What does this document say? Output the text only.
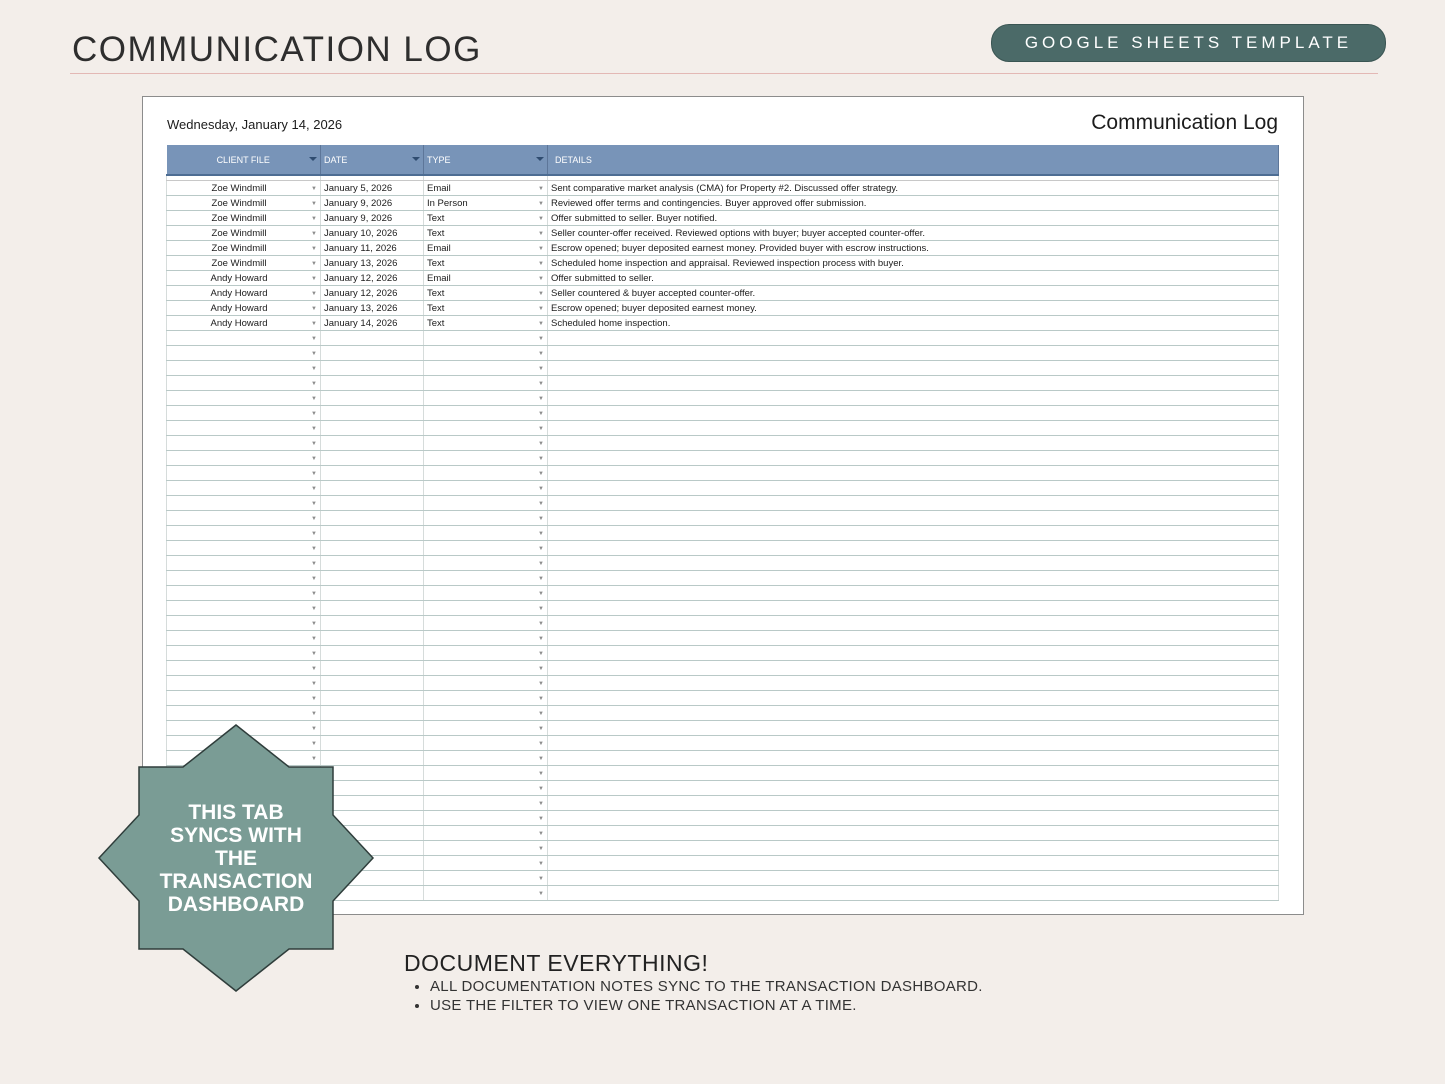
COMMUNICATION LOG	GOOGLE SHEETS TEMPLATE
Wednesday, January 14, 2026	Communication Log
CLIENT FILE	DATE	TYPE	DETAILS

Zoe Windmill ▼	January 5, 2026	Email ▼	Sent comparative market analysis (CMA) for Property #2. Discussed offer strategy.
Zoe Windmill ▼	January 9, 2026	In Person ▼	Reviewed offer terms and contingencies. Buyer approved offer submission.
Zoe Windmill ▼	January 9, 2026	Text ▼	Offer submitted to seller. Buyer notified.
Zoe Windmill ▼	January 10, 2026	Text ▼	Seller counter-offer received. Reviewed options with buyer; buyer accepted counter-offer.
Zoe Windmill ▼	January 11, 2026	Email ▼	Escrow opened; buyer deposited earnest money. Provided buyer with escrow instructions.
Zoe Windmill ▼	January 13, 2026	Text ▼	Scheduled home inspection and appraisal. Reviewed inspection process with buyer.
Andy Howard ▼	January 12, 2026	Email ▼	Offer submitted to seller.
Andy Howard ▼	January 12, 2026	Text ▼	Seller countered & buyer accepted counter-offer.
Andy Howard ▼	January 13, 2026	Text ▼	Escrow opened; buyer deposited earnest money.
Andy Howard ▼	January 14, 2026	Text ▼	Scheduled home inspection.

▼		▼	

▼		▼	

▼		▼	

▼		▼	

▼		▼	

▼		▼	

▼		▼	

▼		▼	

▼		▼	

▼		▼	

▼		▼	

▼		▼	

▼		▼	

▼		▼	

▼		▼	

▼		▼	

▼		▼	

▼		▼	

▼		▼	

▼		▼	

▼		▼	

▼		▼	

▼		▼	

▼		▼	

▼		▼	

▼		▼	

▼		▼	

▼		▼	

▼		▼	

▼	

▼	

▼	

▼	

▼	

▼	

▼	

▼	

▼	

THIS TAB
SYNCS WITH
THE
TRANSACTION
DASHBOARD

DOCUMENT EVERYTHING!
• ALL DOCUMENTATION NOTES SYNC TO THE TRANSACTION DASHBOARD.
• USE THE FILTER TO VIEW ONE TRANSACTION AT A TIME.
